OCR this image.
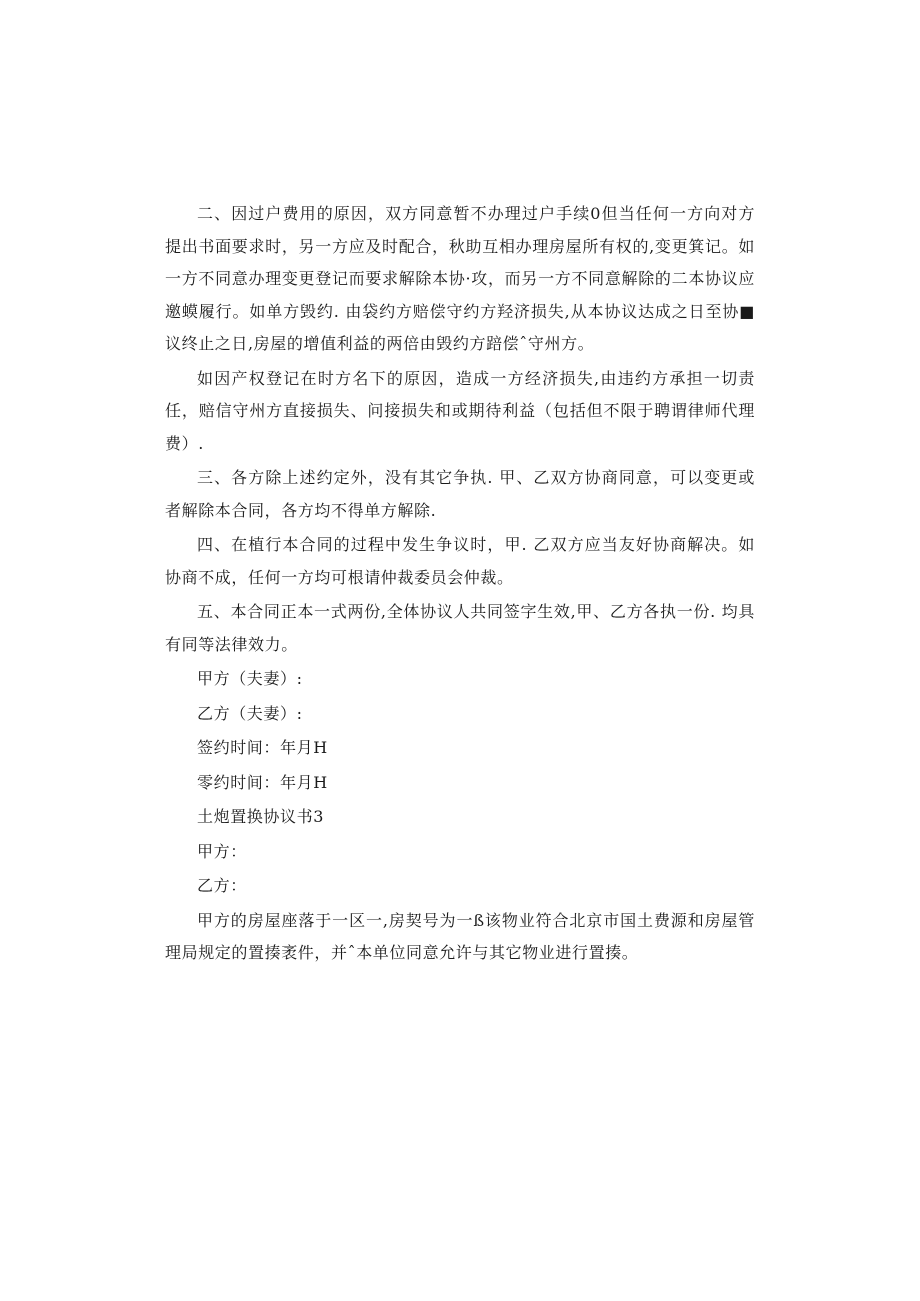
二、因过户费用的原因，双方同意暂不办理过户手续0但当任何一方向对方提出书面要求时，另一方应及时配合，秋助互相办理房屋所有权的,变更箕记。如一方不同意办理变更登记而要求解除本协·攻，而另一方不同意解除的二本协议应邀蟆履行。如单方毁约. 由袋约方赔偿守约方羟济损失,从本协议达成之日至协■议终止之日,房屋的增值利益的两倍由毁约方踣偿ˆ守州方。

如因产权登记在时方名下的原因，造成一方经济损失,由违约方承担一切责任，赔信守州方直接损失、问接损失和或期待利益（包括但不限于聘谓律师代理费）.

三、各方除上述约定外，没有其它争执. 甲、乙双方协商同意，可以变更或者解除本合同，各方均不得单方解除.

四、在植行本合同的过程中发生争议时，甲. 乙双方应当友好协商解决。如协商不成，任何一方均可根请仲裁委员会仲裁。

五、本合同正本一式两份,全体协议人共同签字生效,甲、乙方各执一份. 均具有同等法律效力。

甲方（夫妻）:

乙方（夫妻）:

签约时间：年月H

零约时间：年月H

土炮置换协议书3

甲方：

乙方：

甲方的房屋座落于一区一,房契号为一ß该物业符合北京市国土费源和房屋管理局规定的置揍袤件，并ˆ本单位同意允许与其它物业进行置揍。
